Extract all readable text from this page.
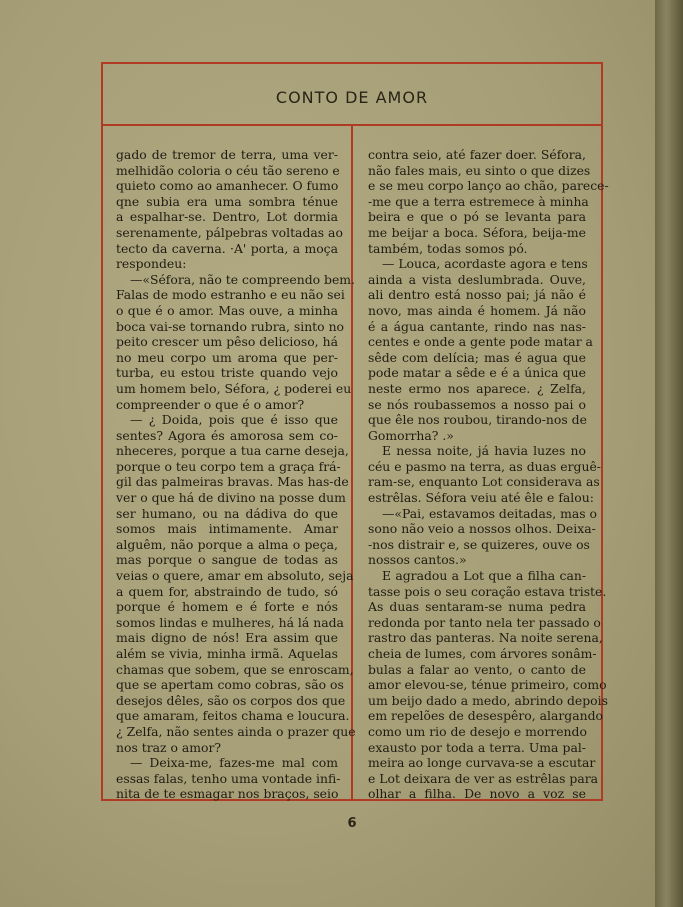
CONTO DE AMOR
gado de tremor de terra, uma ver-
melhidão coloria o céu tão sereno e
quieto como ao amanhecer. O fumo
qne subia era uma sombra ténue
a espalhar-se. Dentro, Lot dormia
serenamente, pálpebras voltadas ao
tecto da caverna. ·A' porta, a moça
respondeu:
—«Séfora, não te compreendo bem.
Falas de modo estranho e eu não sei
o que é o amor. Mas ouve, a minha
boca vai-se tornando rubra, sinto no
peito crescer um pêso delicioso, há
no meu corpo um aroma que per-
turba, eu estou triste quando vejo
um homem belo, Séfora, ¿ poderei eu
compreender o que é o amor?
— ¿ Doida, pois que é isso que
sentes? Agora és amorosa sem co-
nheceres, porque a tua carne deseja,
porque o teu corpo tem a graça frá-
gil das palmeiras bravas. Mas has-de
ver o que há de divino na posse dum
ser humano, ou na dádiva do que
somos mais intimamente. Amar
alguêm, não porque a alma o peça,
mas porque o sangue de todas as
veias o quere, amar em absoluto, seja
a quem for, abstraindo de tudo, só
porque é homem e é forte e nós
somos lindas e mulheres, há lá nada
mais digno de nós! Era assim que
além se vivia, minha irmã. Aquelas
chamas que sobem, que se enroscam,
que se apertam como cobras, são os
desejos dêles, são os corpos dos que
que amaram, feitos chama e loucura.
¿ Zelfa, não sentes ainda o prazer que
nos traz o amor?
— Deixa-me, fazes-me mal com
essas falas, tenho uma vontade infi-
nita de te esmagar nos braços, seio
contra seio, até fazer doer. Séfora,
não fales mais, eu sinto o que dizes
e se meu corpo lanço ao chão, parece-
-me que a terra estremece à minha
beira e que o pó se levanta para
me beijar a boca. Séfora, beija-me
também, todas somos pó.
— Louca, acordaste agora e tens
ainda a vista deslumbrada. Ouve,
ali dentro está nosso pai; já não é
novo, mas ainda é homem. Já não
é a água cantante, rindo nas nas-
centes e onde a gente pode matar a
sêde com delícia; mas é agua que
pode matar a sêde e é a única que
neste ermo nos aparece. ¿ Zelfa,
se nós roubassemos a nosso pai o
que êle nos roubou, tirando-nos de
Gomorrha? .»
E nessa noite, já havia luzes no
céu e pasmo na terra, as duas erguê-
ram-se, enquanto Lot considerava as
estrêlas. Séfora veiu até êle e falou:
—«Pai, estavamos deitadas, mas o
sono não veio a nossos olhos. Deixa-
-nos distrair e, se quizeres, ouve os
nossos cantos.»
E agradou a Lot que a filha can-
tasse pois o seu coração estava triste.
As duas sentaram-se numa pedra
redonda por tanto nela ter passado o
rastro das panteras. Na noite serena,
cheia de lumes, com árvores sonâm-
bulas a falar ao vento, o canto de
amor elevou-se, ténue primeiro, como
um beijo dado a medo, abrindo depois
em repelões de desespêro, alargando
como um rio de desejo e morrendo
exausto por toda a terra. Uma pal-
meira ao longe curvava-se a escutar
e Lot deixara de ver as estrêlas para
olhar a filha. De novo a voz se
6
